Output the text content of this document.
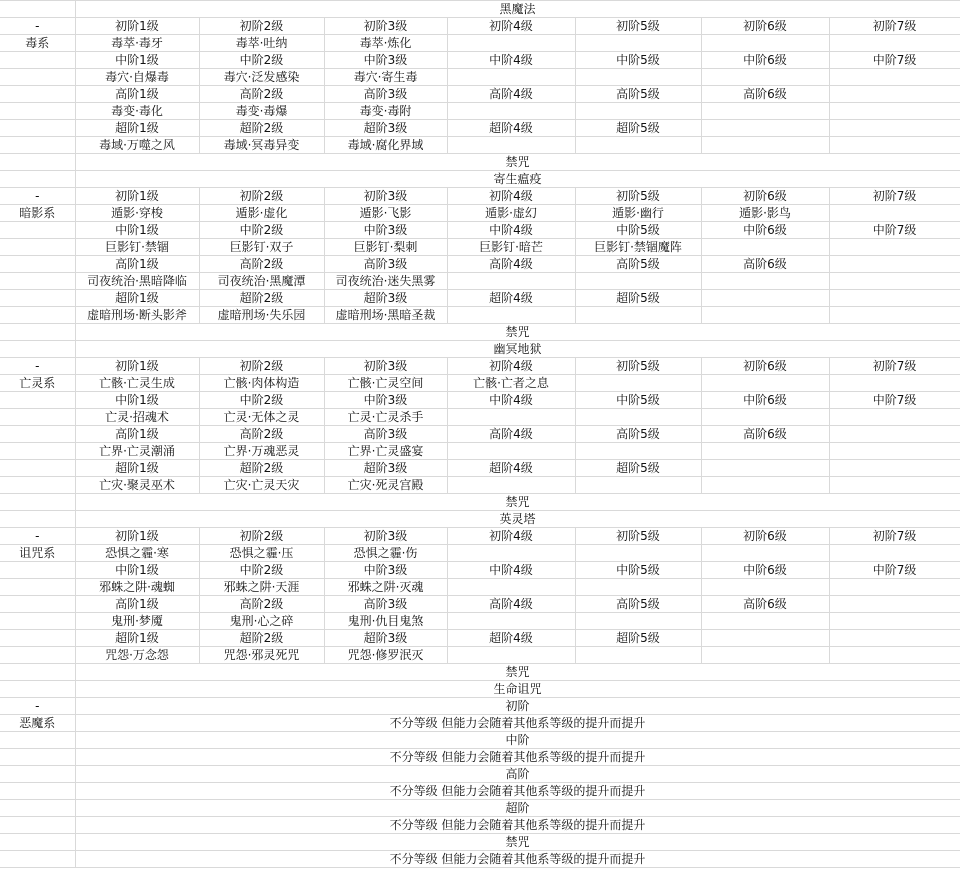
	黑魔法						
-	初阶1级	初阶2级	初阶3级	初阶4级	初阶5级	初阶6级	初阶7级
毒系	毒萃·毒牙	毒萃·吐纳	毒萃·炼化				
	中阶1级	中阶2级	中阶3级	中阶4级	中阶5级	中阶6级	中阶7级
	毒穴·自爆毒	毒穴·泛发感染	毒穴·寄生毒				
	高阶1级	高阶2级	高阶3级	高阶4级	高阶5级	高阶6级	
	毒变·毒化	毒变·毒爆	毒变·毒附				
	超阶1级	超阶2级	超阶3级	超阶4级	超阶5级		
	毒域·万噬之风	毒域·冥毒异变	毒域·腐化界域				
	禁咒						
	寄生瘟疫						
-	初阶1级	初阶2级	初阶3级	初阶4级	初阶5级	初阶6级	初阶7级
暗影系	遁影·穿梭	遁影·虚化	遁影·飞影	遁影·虚幻	遁影·幽行	遁影·影鸟	
	中阶1级	中阶2级	中阶3级	中阶4级	中阶5级	中阶6级	中阶7级
	巨影钉·禁锢	巨影钉·双子	巨影钉·梨刺	巨影钉·暗芒	巨影钉·禁锢魔阵		
	高阶1级	高阶2级	高阶3级	高阶4级	高阶5级	高阶6级	
	司夜统治·黑暗降临	司夜统治·黑魔潭	司夜统治·迷失黑雾				
	超阶1级	超阶2级	超阶3级	超阶4级	超阶5级		
	虚暗刑场·断头影斧	虚暗刑场·失乐园	虚暗刑场·黑暗圣裁				
	禁咒						
	幽冥地狱						
-	初阶1级	初阶2级	初阶3级	初阶4级	初阶5级	初阶6级	初阶7级
亡灵系	亡骸·亡灵生成	亡骸·肉体构造	亡骸·亡灵空间	亡骸·亡者之息			
	中阶1级	中阶2级	中阶3级	中阶4级	中阶5级	中阶6级	中阶7级
	亡灵·招魂术	亡灵·无体之灵	亡灵·亡灵杀手				
	高阶1级	高阶2级	高阶3级	高阶4级	高阶5级	高阶6级	
	亡界·亡灵潮涌	亡界·万魂恶灵	亡界·亡灵盛宴				
	超阶1级	超阶2级	超阶3级	超阶4级	超阶5级		
	亡灾·聚灵巫术	亡灾·亡灵天灾	亡灾·死灵宫殿				
	禁咒						
	英灵塔						
-	初阶1级	初阶2级	初阶3级	初阶4级	初阶5级	初阶6级	初阶7级
诅咒系	恐惧之霾·寒	恐惧之霾·压	恐惧之霾·伤				
	中阶1级	中阶2级	中阶3级	中阶4级	中阶5级	中阶6级	中阶7级
	邪蛛之阱·魂蜘	邪蛛之阱·天涯	邪蛛之阱·灭魂				
	高阶1级	高阶2级	高阶3级	高阶4级	高阶5级	高阶6级	
	鬼刑·梦魇	鬼刑·心之碎	鬼刑·仇目鬼煞				
	超阶1级	超阶2级	超阶3级	超阶4级	超阶5级		
	咒怨·万念怨	咒怨·邪灵死咒	咒怨·修罗泯灭				
	禁咒						
	生命诅咒						
-	初阶						
恶魔系	不分等级 但能力会随着其他系等级的提升而提升						
	中阶						
	不分等级 但能力会随着其他系等级的提升而提升						
	高阶						
	不分等级 但能力会随着其他系等级的提升而提升						
	超阶						
	不分等级 但能力会随着其他系等级的提升而提升						
	禁咒						
	不分等级 但能力会随着其他系等级的提升而提升						
